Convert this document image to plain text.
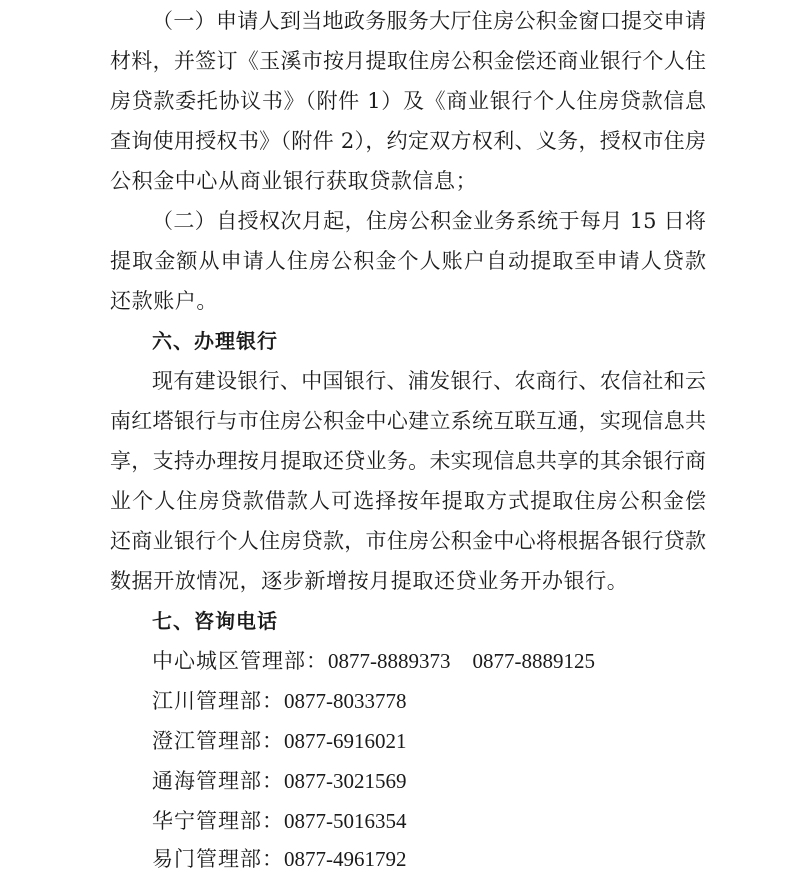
（一）申请人到当地政务服务大厅住房公积金窗口提交申请
材料，并签订《玉溪市按月提取住房公积金偿还商业银行个人住
房贷款委托协议书》（附件 1）及《商业银行个人住房贷款信息
查询使用授权书》（附件 2），约定双方权利、义务，授权市住房
公积金中心从商业银行获取贷款信息；
（二）自授权次月起，住房公积金业务系统于每月 15 日将
提取金额从申请人住房公积金个人账户自动提取至申请人贷款
还款账户。
六、办理银行
现有建设银行、中国银行、浦发银行、农商行、农信社和云
南红塔银行与市住房公积金中心建立系统互联互通，实现信息共
享，支持办理按月提取还贷业务。未实现信息共享的其余银行商
业个人住房贷款借款人可选择按年提取方式提取住房公积金偿
还商业银行个人住房贷款，市住房公积金中心将根据各银行贷款
数据开放情况，逐步新增按月提取还贷业务开办银行。
七、咨询电话
中心城区管理部：0877-8889373 0877-8889125
江川管理部：0877-8033778
澄江管理部：0877-6916021
通海管理部：0877-3021569
华宁管理部：0877-5016354
易门管理部：0877-4961792
